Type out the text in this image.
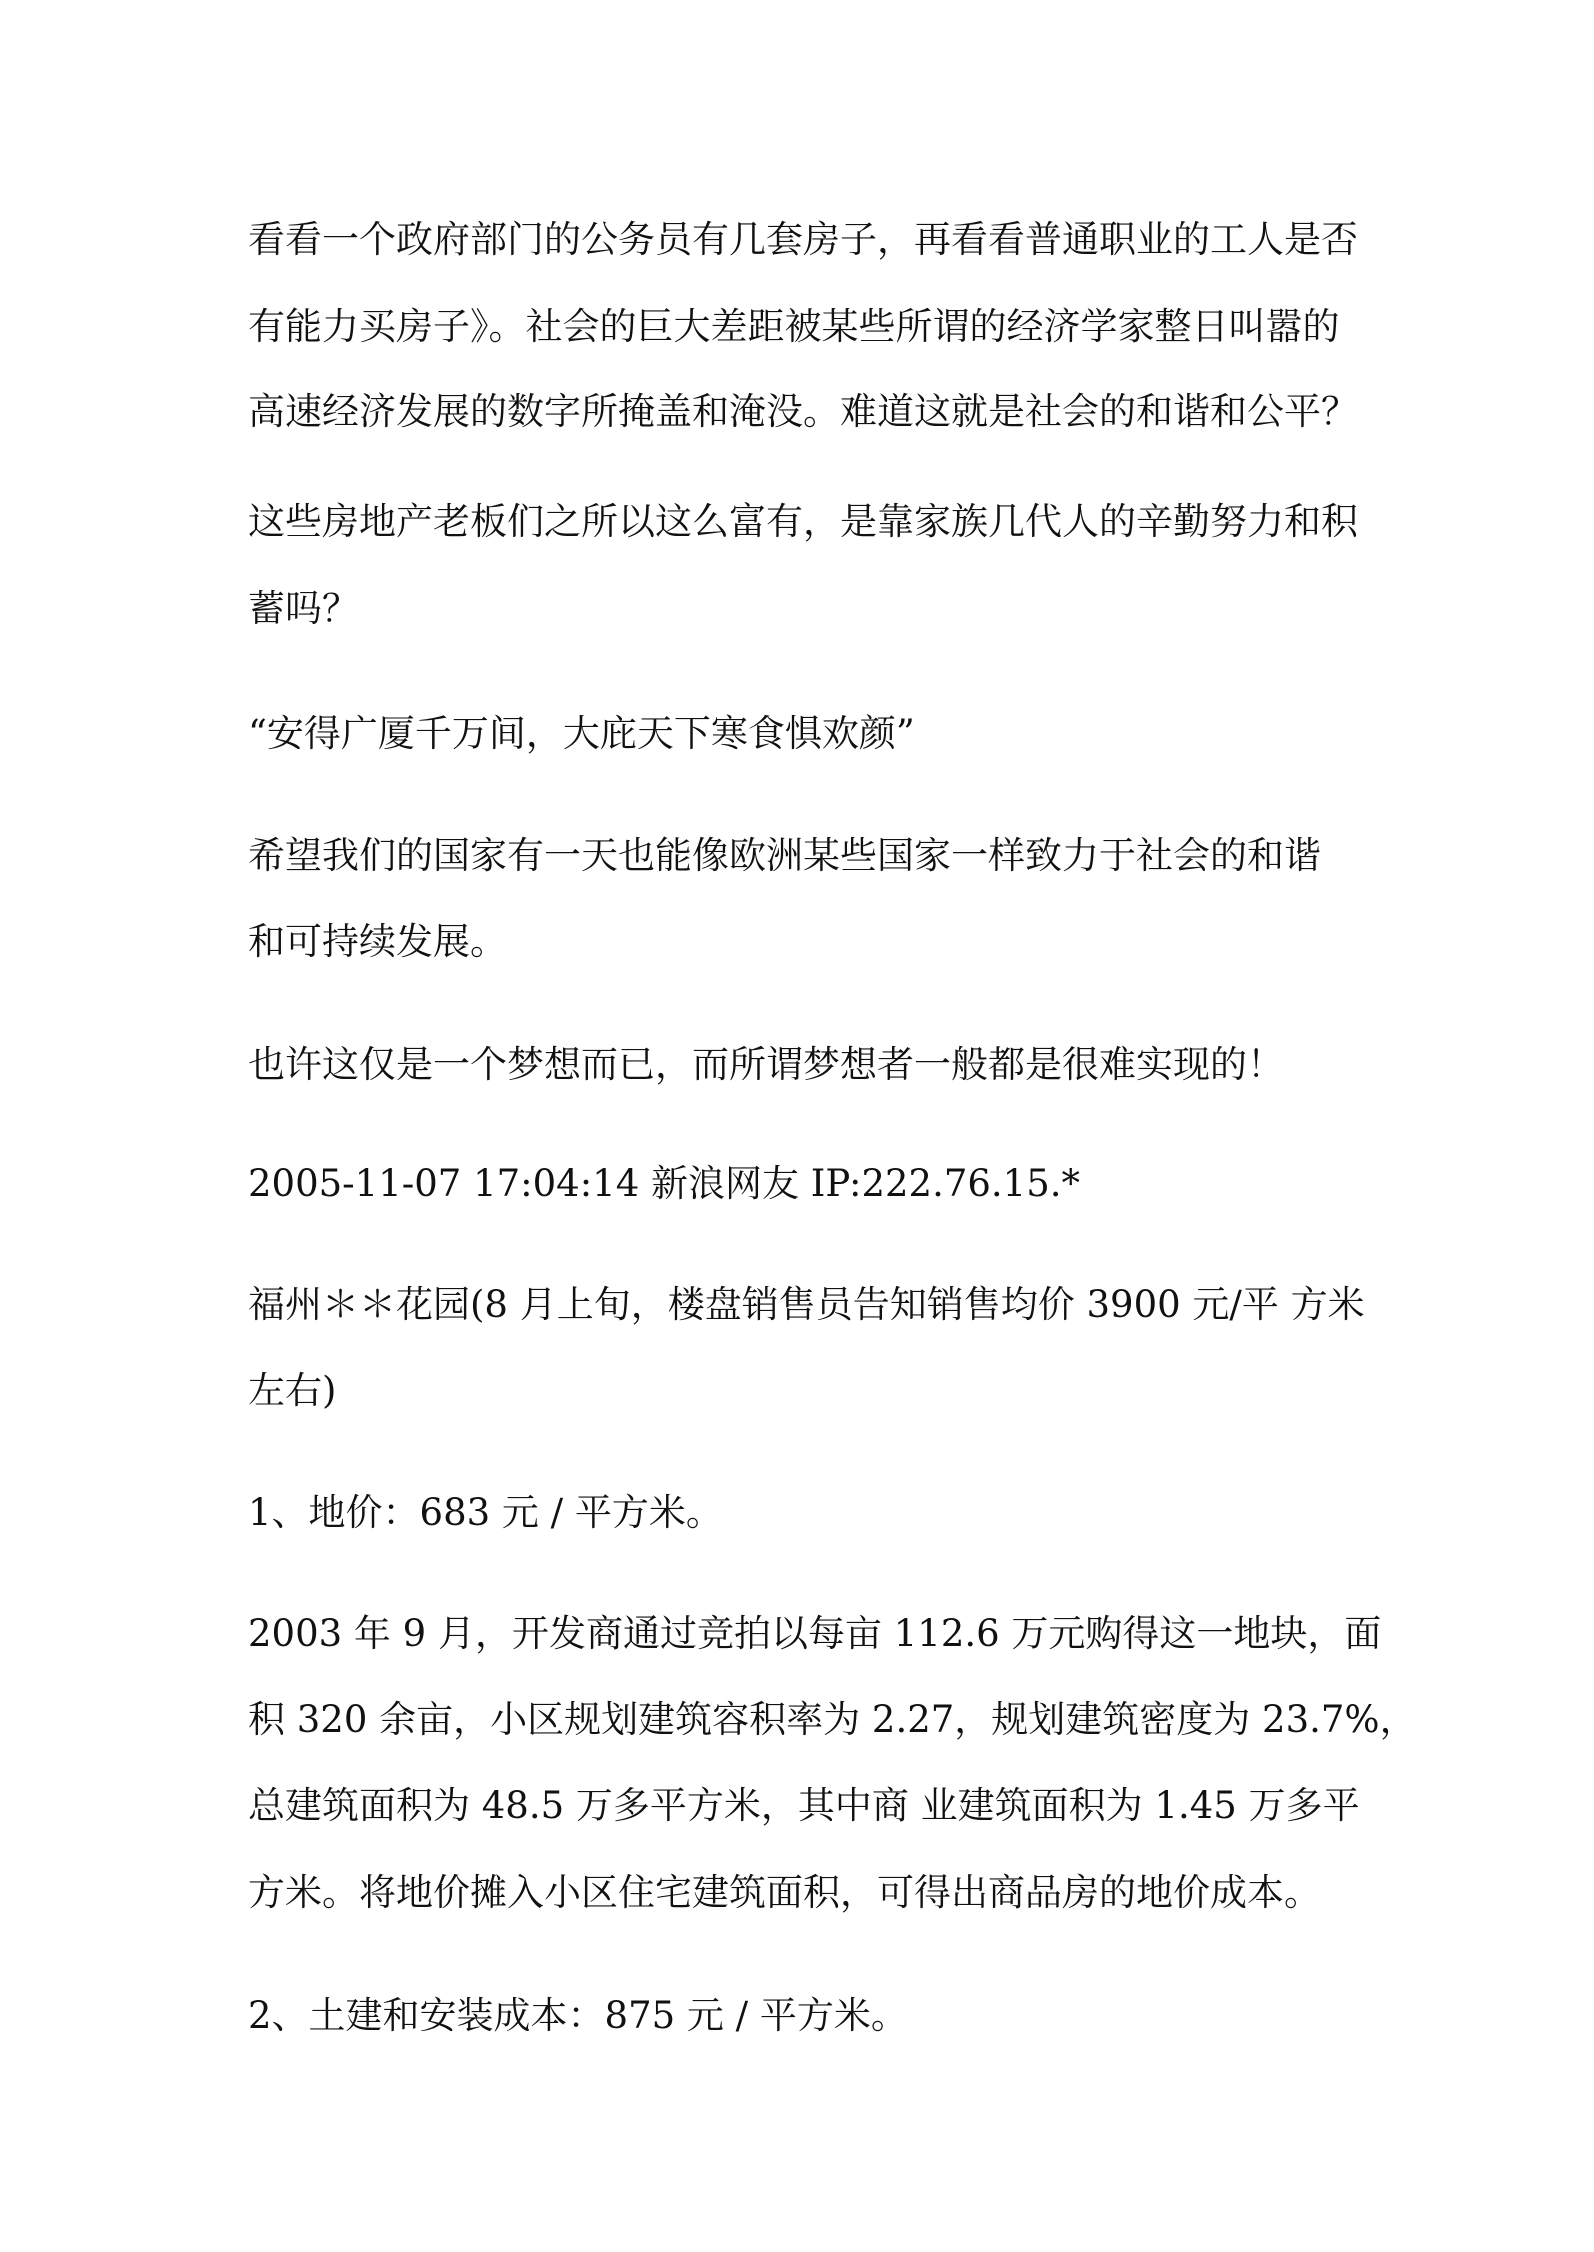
看看一个政府部门的公务员有几套房子，再看看普通职业的工人是否
有能力买房子》。社会的巨大差距被某些所谓的经济学家整日叫嚣的
高速经济发展的数字所掩盖和淹没。难道这就是社会的和谐和公平？
这些房地产老板们之所以这么富有，是靠家族几代人的辛勤努力和积
蓄吗？
“安得广厦千万间，大庇天下寒食惧欢颜”
希望我们的国家有一天也能像欧洲某些国家一样致力于社会的和谐
和可持续发展。
也许这仅是一个梦想而已，而所谓梦想者一般都是很难实现的！
2005-11-07 17:04:14 新浪网友 IP:222.76.15.*
福州＊＊花园(8 月上旬，楼盘销售员告知销售均价 3900 元/平 方米
左右)
1、地价：683 元 / 平方米。
2003 年 9 月，开发商通过竞拍以每亩 112.6 万元购得这一地块，面
积 320 余亩，小区规划建筑容积率为 2.27，规划建筑密度为 23.7%，
总建筑面积为 48.5 万多平方米，其中商 业建筑面积为 1.45 万多平
方米。将地价摊入小区住宅建筑面积，可得出商品房的地价成本。
2、土建和安装成本：875 元 / 平方米。
